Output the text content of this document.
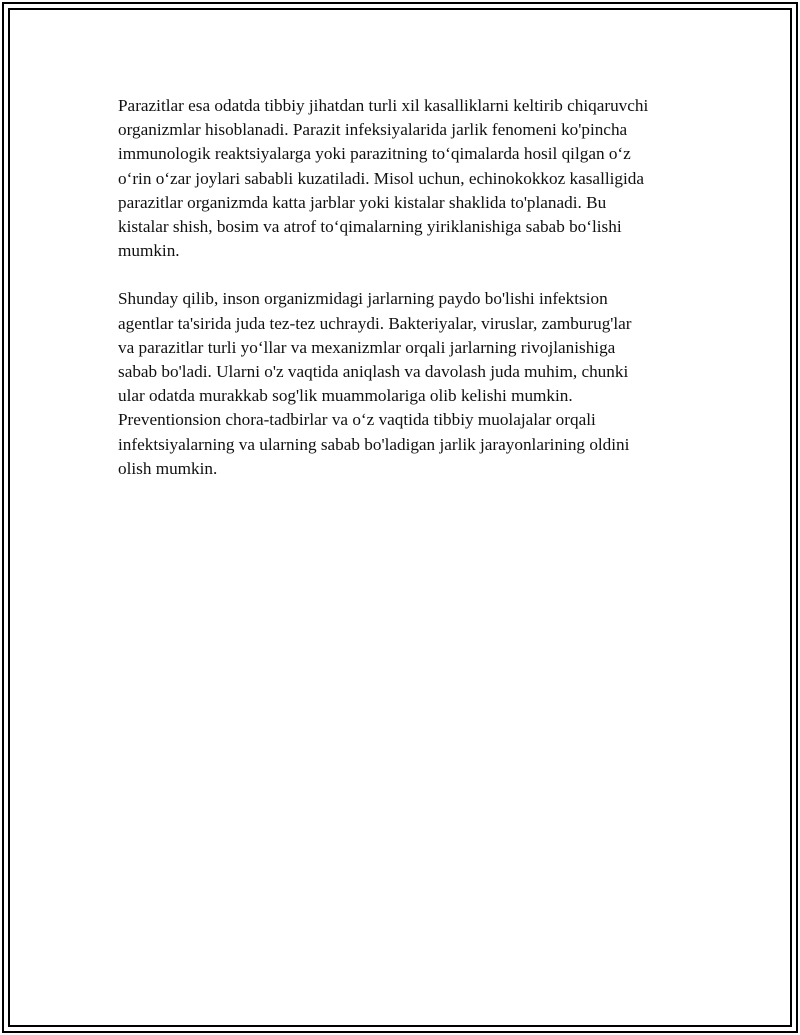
Parazitlar esa odatda tibbiy jihatdan turli xil kasalliklarni keltirib chiqaruvchi
organizmlar hisoblanadi. Parazit infeksiyalarida jarlik fenomeni ko'pincha
immunologik reaktsiyalarga yoki parazitning to‘qimalarda hosil qilgan o‘z
o‘rin o‘zar joylari sababli kuzatiladi. Misol uchun, echinokokkoz kasalligida
parazitlar organizmda katta jarblar yoki kistalar shaklida to'planadi. Bu
kistalar shish, bosim va atrof to‘qimalarning yiriklanishiga sabab bo‘lishi
mumkin.

Shunday qilib, inson organizmidagi jarlarning paydo bo'lishi infektsion
agentlar ta'sirida juda tez-tez uchraydi. Bakteriyalar, viruslar, zamburug'lar
va parazitlar turli yo‘llar va mexanizmlar orqali jarlarning rivojlanishiga
sabab bo'ladi. Ularni o'z vaqtida aniqlash va davolash juda muhim, chunki
ular odatda murakkab sog'lik muammolariga olib kelishi mumkin.
Preventionsion chora-tadbirlar va o‘z vaqtida tibbiy muolajalar orqali
infektsiyalarning va ularning sabab bo'ladigan jarlik jarayonlarining oldini
olish mumkin.
